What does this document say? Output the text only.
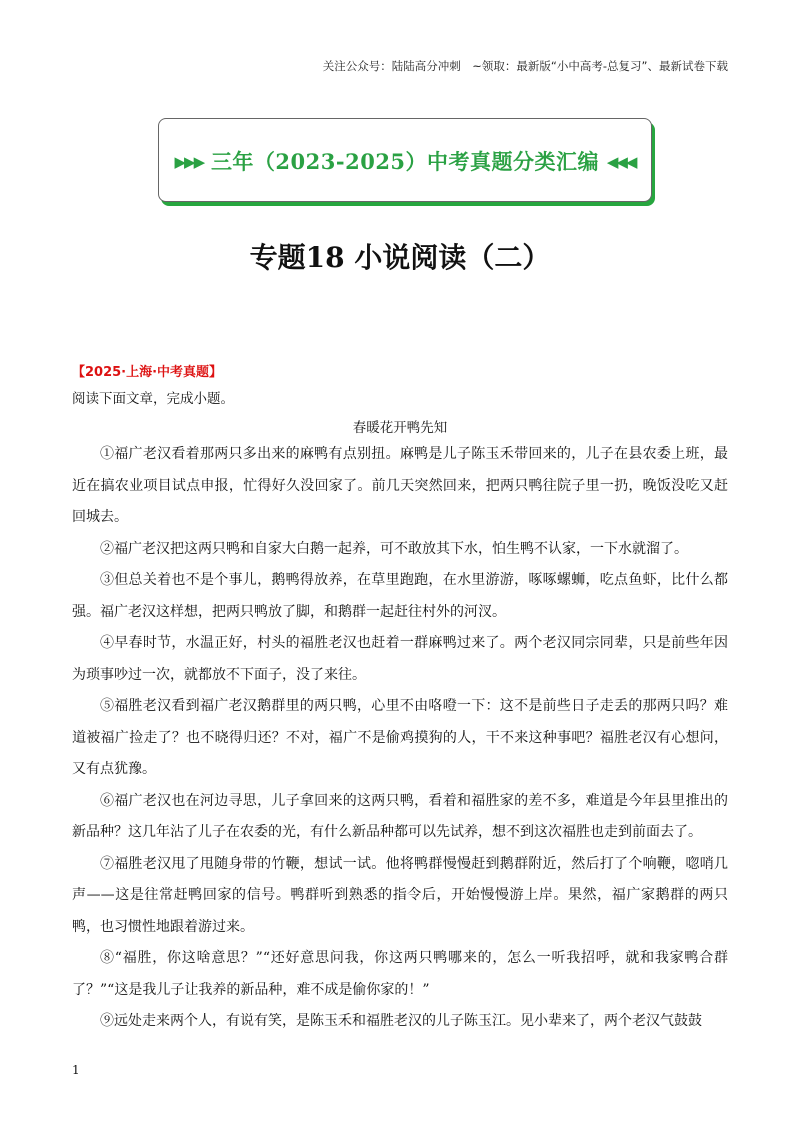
关注公众号：陆陆高分冲刺　~领取：最新版“小中高考-总复习”、最新试卷下载
▶▶▶ 三年（2023-2025）中考真题分类汇编 ◀◀◀
专题18 小说阅读（二）
【2025·上海·中考真题】
阅读下面文章，完成小题。
春暖花开鸭先知

①福广老汉看着那两只多出来的麻鸭有点别扭。麻鸭是儿子陈玉禾带回来的，儿子在县农委上班，最近在搞农业项目试点申报，忙得好久没回家了。前几天突然回来，把两只鸭往院子里一扔，晚饭没吃又赶回城去。

②福广老汉把这两只鸭和自家大白鹅一起养，可不敢放其下水，怕生鸭不认家，一下水就溜了。

③但总关着也不是个事儿，鹅鸭得放养，在草里跑跑，在水里游游，啄啄螺蛳，吃点鱼虾，比什么都强。福广老汉这样想，把两只鸭放了脚，和鹅群一起赶往村外的河汊。

④早春时节，水温正好，村头的福胜老汉也赶着一群麻鸭过来了。两个老汉同宗同辈，只是前些年因为琐事吵过一次，就都放不下面子，没了来往。

⑤福胜老汉看到福广老汉鹅群里的两只鸭，心里不由咯噔一下：这不是前些日子走丢的那两只吗？难道被福广捡走了？也不晓得归还？不对，福广不是偷鸡摸狗的人，干不来这种事吧？福胜老汉有心想问，又有点犹豫。

⑥福广老汉也在河边寻思，儿子拿回来的这两只鸭，看着和福胜家的差不多，难道是今年县里推出的新品种？这几年沾了儿子在农委的光，有什么新品种都可以先试养，想不到这次福胜也走到前面去了。

⑦福胜老汉甩了甩随身带的竹鞭，想试一试。他将鸭群慢慢赶到鹅群附近，然后打了个响鞭，唿哨几声——这是往常赶鸭回家的信号。鸭群听到熟悉的指令后，开始慢慢游上岸。果然，福广家鹅群的两只鸭，也习惯性地跟着游过来。

⑧“福胜，你这啥意思？”“还好意思问我，你这两只鸭哪来的，怎么一听我招呼，就和我家鸭合群了？”“这是我儿子让我养的新品种，难不成是偷你家的！”

⑨远处走来两个人，有说有笑，是陈玉禾和福胜老汉的儿子陈玉江。见小辈来了，两个老汉气鼓鼓

1
